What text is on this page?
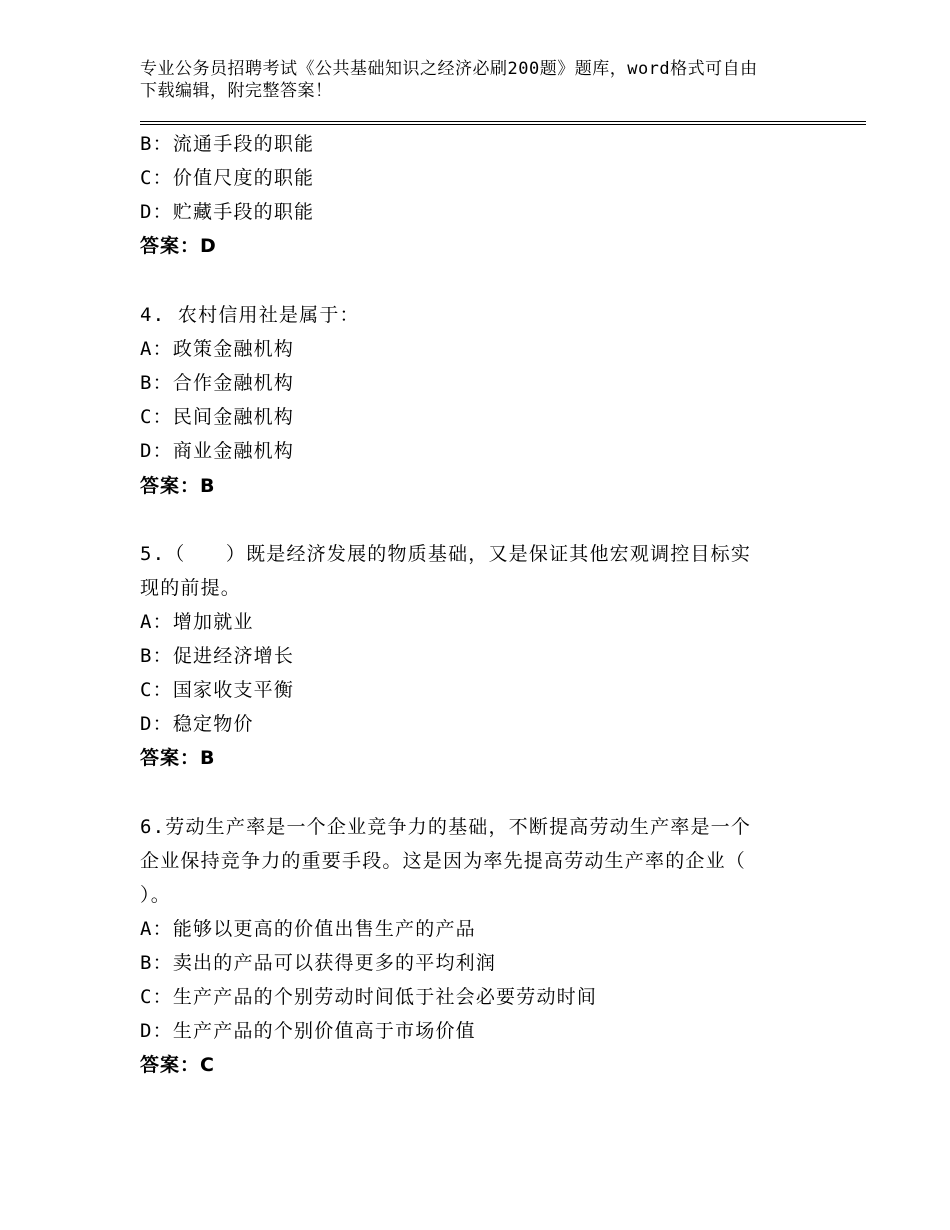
专业公务员招聘考试《公共基础知识之经济必刷200题》题库，word格式可自由
下载编辑，附完整答案！
B：流通手段的职能
C：价值尺度的职能
D：贮藏手段的职能
答案：D
4. 农村信用社是属于：
A：政策金融机构
B：合作金融机构
C：民间金融机构
D：商业金融机构
答案：B
5.（　　）既是经济发展的物质基础，又是保证其他宏观调控目标实
现的前提。
A：增加就业
B：促进经济增长
C：国家收支平衡
D：稳定物价
答案：B
6.劳动生产率是一个企业竞争力的基础，不断提高劳动生产率是一个
企业保持竞争力的重要手段。这是因为率先提高劳动生产率的企业（
）。
A：能够以更高的价值出售生产的产品
B：卖出的产品可以获得更多的平均利润
C：生产产品的个别劳动时间低于社会必要劳动时间
D：生产产品的个别价值高于市场价值
答案：C
